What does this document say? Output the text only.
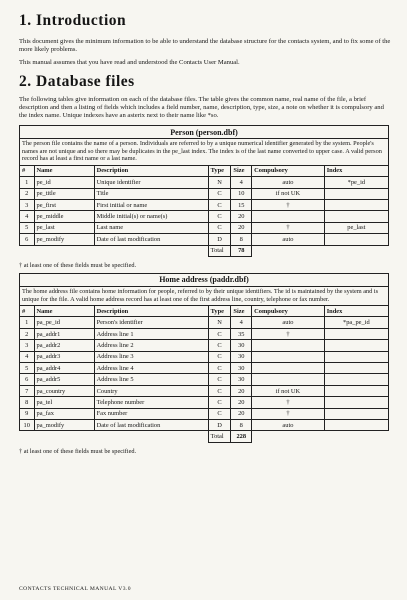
1. Introduction

This document gives the minimum information to be able to understand the database structure for the contacts system, and to fix some of the more likely problems.

This manual assumes that you have read and understood the Contacts User Manual.

2. Database files

The following tables give information on each of the database files. The table gives the common name, real name of the file, a brief description and then a listing of fields which includes a field number, name, description, type, size, a note on whether it is compulsory and the index name. Unique indexes have an asterix next to their name like *so.

Person (person.dbf)						
The person file contains the name of a person. Individuals are referred to by a unique numerical identifier generated by the system. People's names are not unique and so there may be duplicates in the pe_last index. The index is of the last name converted to upper case. A valid person record has at least a first name or a last name.						
#	Name	Description	Type	Size	Compulsory	Index
1	pe_id	Unique identifier	N	4	auto	*pe_id
2	pe_title	Title	C	10	if not UK	
3	pe_first	First initial or name	C	15	†	
4	pe_middle	Middle initial(s) or name(s)	C	20		
5	pe_last	Last name	C	20	†	pe_last
6	pe_modify	Date of last modification	D	8	auto	
			Total	78		

† at least one of these fields must be specified.

Home address (paddr.dbf)						
The home address file contains home information for people, referred to by their unique identifiers. The id is maintained by the system and is unique for the file. A valid home address record has at least one of the first address line, country, telephone or fax number.						
#	Name	Description	Type	Size	Compulsory	Index
1	pa_pe_id	Person's identifier	N	4	auto	*pa_pe_id
2	pa_addr1	Address line 1	C	35	†	
3	pa_addr2	Address line 2	C	30		
4	pa_addr3	Address line 3	C	30		
5	pa_addr4	Address line 4	C	30		
6	pa_addr5	Address line 5	C	30		
7	pa_country	Country	C	20	if not UK	
8	pa_tel	Telephone number	C	20	†	
9	pa_fax	Fax number	C	20	†	
10	pa_modify	Date of last modification	D	8	auto	
			Total	228		

† at least one of these fields must be specified.

CONTACTS TECHNICAL MANUAL V3.0
